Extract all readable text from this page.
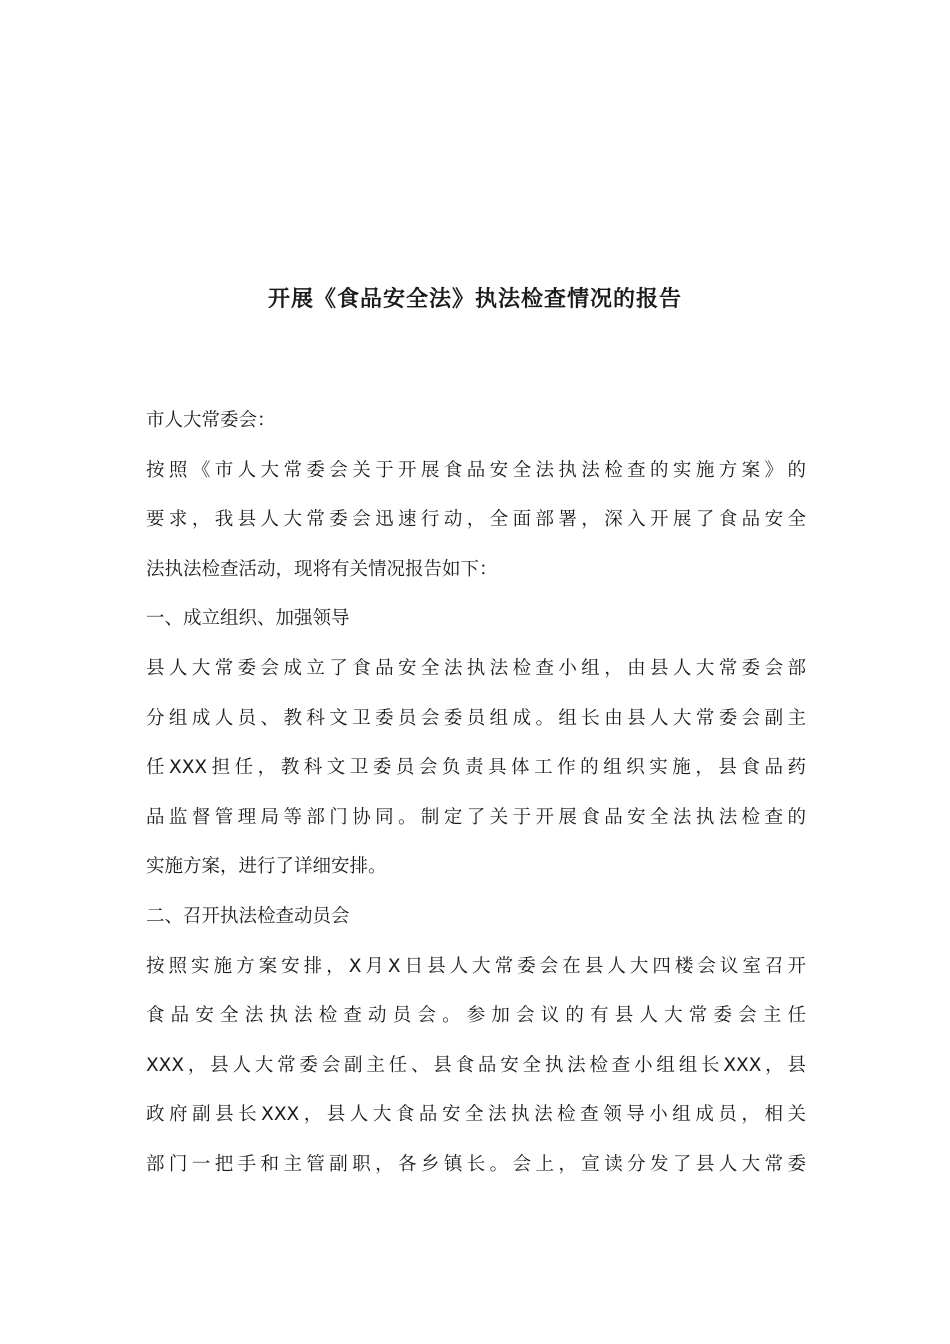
开展《食品安全法》执法检查情况的报告
市人大常委会：
按照《市人大常委会关于开展食品安全法执法检查的实施方案》的
要求，我县人大常委会迅速行动，全面部署，深入开展了食品安全
法执法检查活动，现将有关情况报告如下：
一、成立组织、加强领导
县人大常委会成立了食品安全法执法检查小组，由县人大常委会部
分组成人员、教科文卫委员会委员组成。组长由县人大常委会副主
任XXX担任，教科文卫委员会负责具体工作的组织实施，县食品药
品监督管理局等部门协同。制定了关于开展食品安全法执法检查的
实施方案，进行了详细安排。
二、召开执法检查动员会
按照实施方案安排，X月X日县人大常委会在县人大四楼会议室召开
食品安全法执法检查动员会。参加会议的有县人大常委会主任
XXX，县人大常委会副主任、县食品安全执法检查小组组长XXX，县
政府副县长XXX，县人大食品安全法执法检查领导小组成员，相关
部门一把手和主管副职，各乡镇长。会上，宣读分发了县人大常委
